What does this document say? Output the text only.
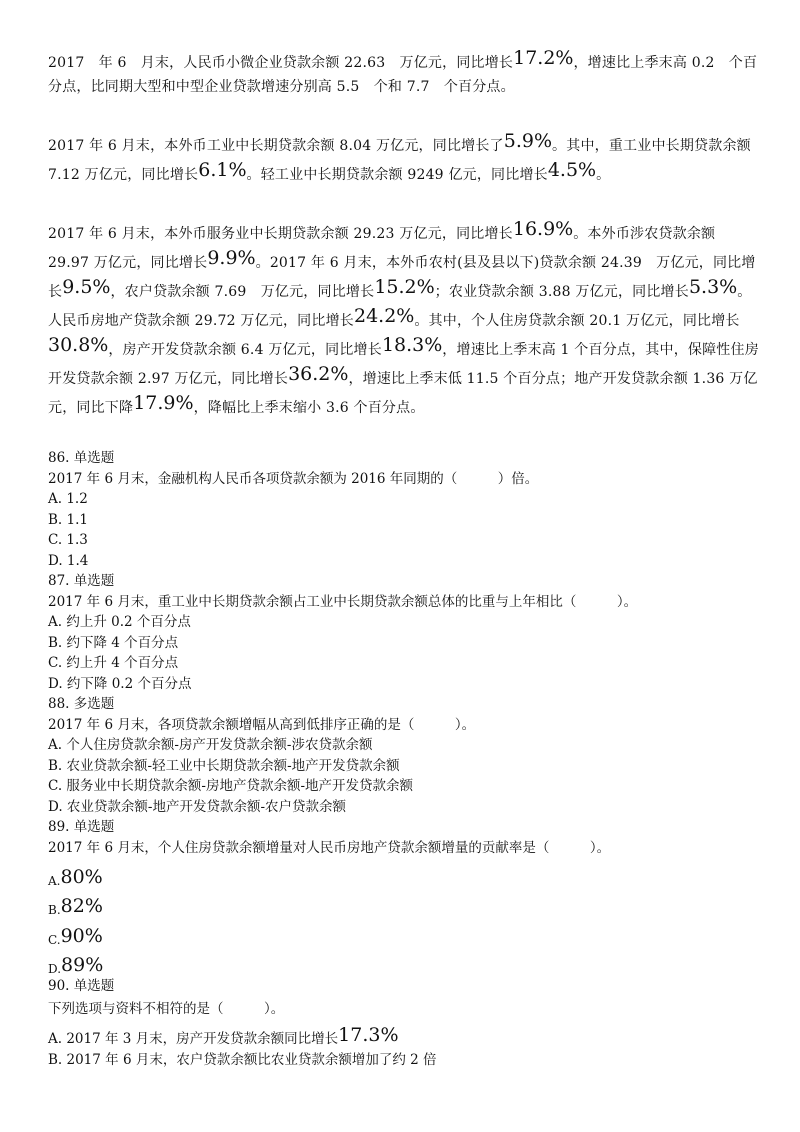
2017　年 6　月末，人民币小微企业贷款余额 22.63　万亿元，同比增长17.2%，增速比上季末高 0.2　个百分点，比同期大型和中型企业贷款增速分别高 5.5　个和 7.7　个百分点。

2017 年 6 月末，本外币工业中长期贷款余额 8.04 万亿元，同比增长了5.9%。其中，重工业中长期贷款余额 7.12 万亿元，同比增长6.1%。轻工业中长期贷款余额 9249 亿元，同比增长4.5%。

2017 年 6 月末，本外币服务业中长期贷款余额 29.23 万亿元，同比增长16.9%。本外币涉农贷款余额 29.97 万亿元，同比增长9.9%。2017 年 6 月末，本外币农村(县及县以下)贷款余额 24.39　万亿元，同比增长9.5%，农户贷款余额 7.69　万亿元，同比增长15.2%；农业贷款余额 3.88 万亿元，同比增长5.3%。人民币房地产贷款余额 29.72 万亿元，同比增长24.2%。其中，个人住房贷款余额 20.1 万亿元，同比增长30.8%，房产开发贷款余额 6.4 万亿元，同比增长18.3%，增速比上季末高 1 个百分点，其中，保障性住房开发贷款余额 2.97 万亿元，同比增长36.2%，增速比上季末低 11.5 个百分点；地产开发贷款余额 1.36 万亿元，同比下降17.9%，降幅比上季末缩小 3.6 个百分点。

86. 单选题

2017 年 6 月末，金融机构人民币各项贷款余额为 2016 年同期的（　　　）倍。

A. 1.2

B. 1.1

C. 1.3

D. 1.4

87. 单选题

2017 年 6 月末，重工业中长期贷款余额占工业中长期贷款余额总体的比重与上年相比（　　　）。

A. 约上升 0.2 个百分点

B. 约下降 4 个百分点

C. 约上升 4 个百分点

D. 约下降 0.2 个百分点

88. 多选题

2017 年 6 月末，各项贷款余额增幅从高到低排序正确的是（　　　）。

A. 个人住房贷款余额-房产开发贷款余额-涉农贷款余额

B. 农业贷款余额-轻工业中长期贷款余额-地产开发贷款余额

C. 服务业中长期贷款余额-房地产贷款余额-地产开发贷款余额

D. 农业贷款余额-地产开发贷款余额-农户贷款余额

89. 单选题

2017 年 6 月末，个人住房贷款余额增量对人民币房地产贷款余额增量的贡献率是（　　　）。

A. 80%
B. 82%
C. 90%
D. 89%

90. 单选题

下列选项与资料不相符的是（　　　）。

A. 2017 年 3 月末，房产开发贷款余额同比增长17.3%

B. 2017 年 6 月末，农户贷款余额比农业贷款余额增加了约 2 倍
